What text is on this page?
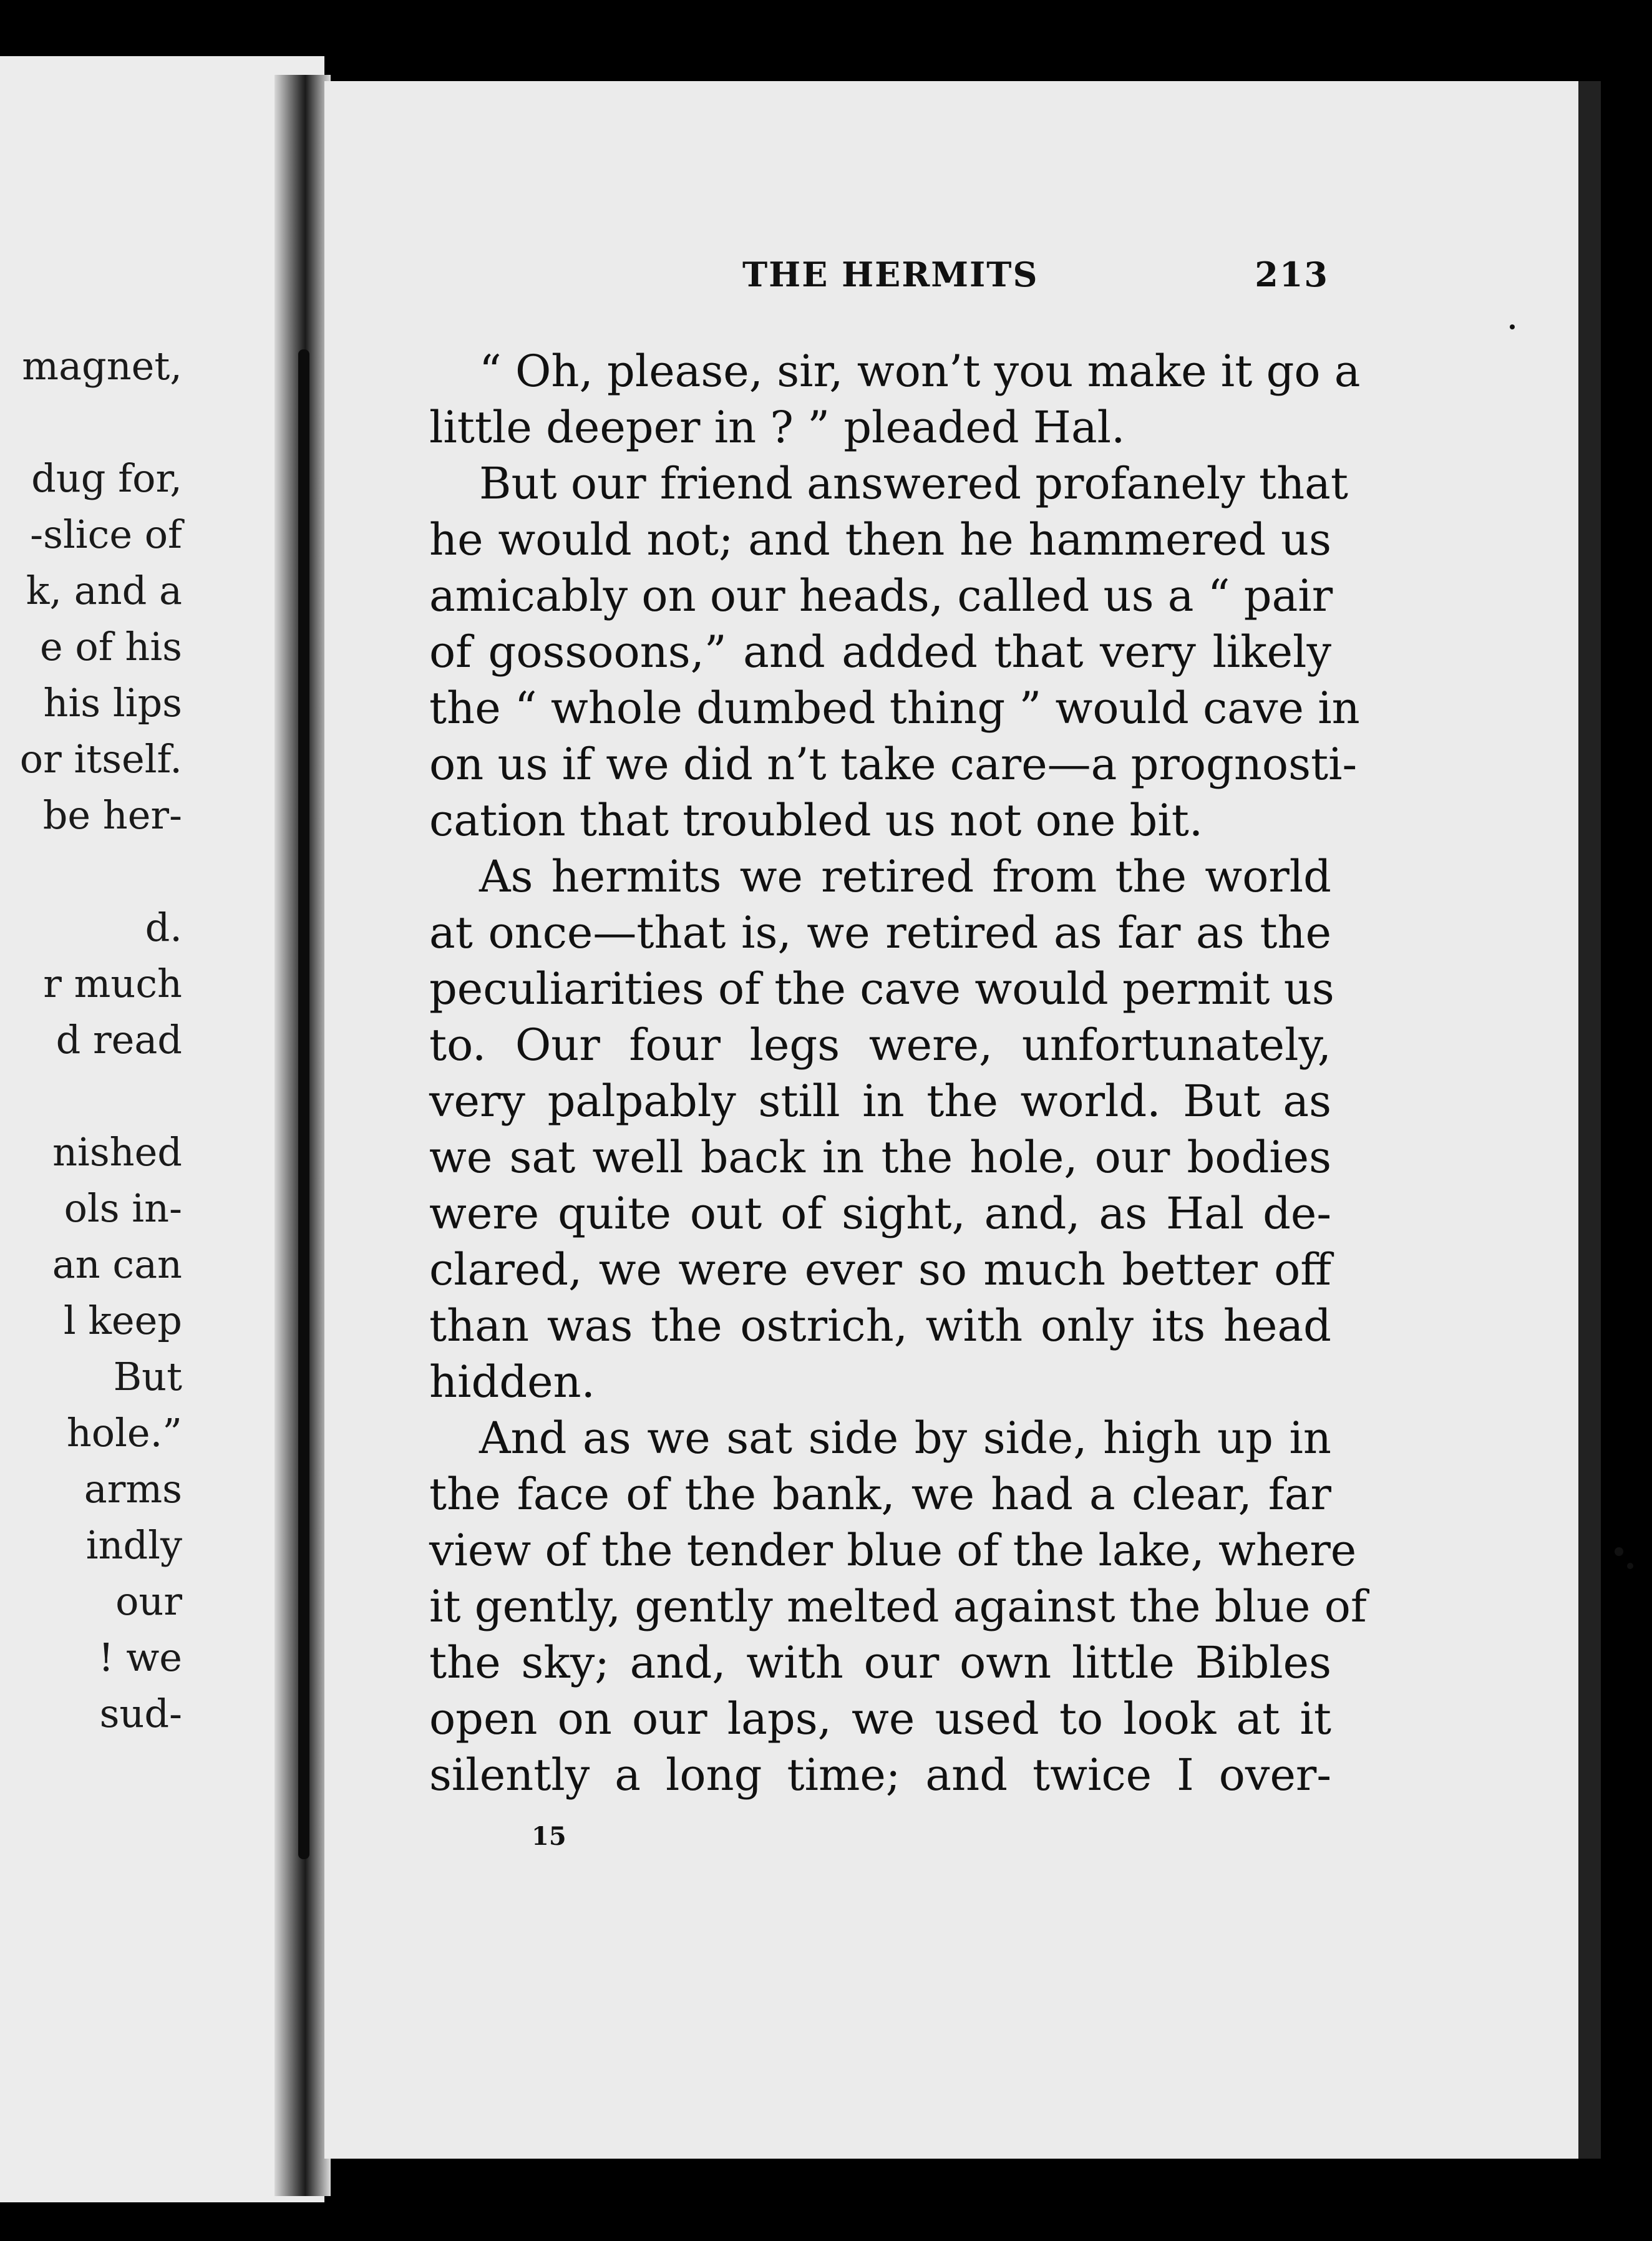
magnet,

dug for,

-slice of

k, and a

e of his

his lips

or itself.

be her-

d.

r much

d read

nished

ols in-

an can

l keep

But

hole.”

arms

indly

our

! we

sud-

THE HERMITS	213

“ Oh, please, sir, won’t you make it go a

little deeper in ? ” pleaded Hal.

But our friend answered profanely that

he would not; and then he hammered us

amicably on our heads, called us a “ pair

of gossoons,” and added that very likely

the “ whole dumbed thing ” would cave in

on us if we did n’t take care—a prognosti-

cation that troubled us not one bit.

As hermits we retired from the world

at once—that is, we retired as far as the

peculiarities of the cave would permit us

to. Our four legs were, unfortunately,

very palpably still in the world. But as

we sat well back in the hole, our bodies

were quite out of sight, and, as Hal de-

clared, we were ever so much better off

than was the ostrich, with only its head

hidden.

And as we sat side by side, high up in

the face of the bank, we had a clear, far

view of the tender blue of the lake, where

it gently, gently melted against the blue of

the sky; and, with our own little Bibles

open on our laps, we used to look at it

silently a long time; and twice I over-

15
